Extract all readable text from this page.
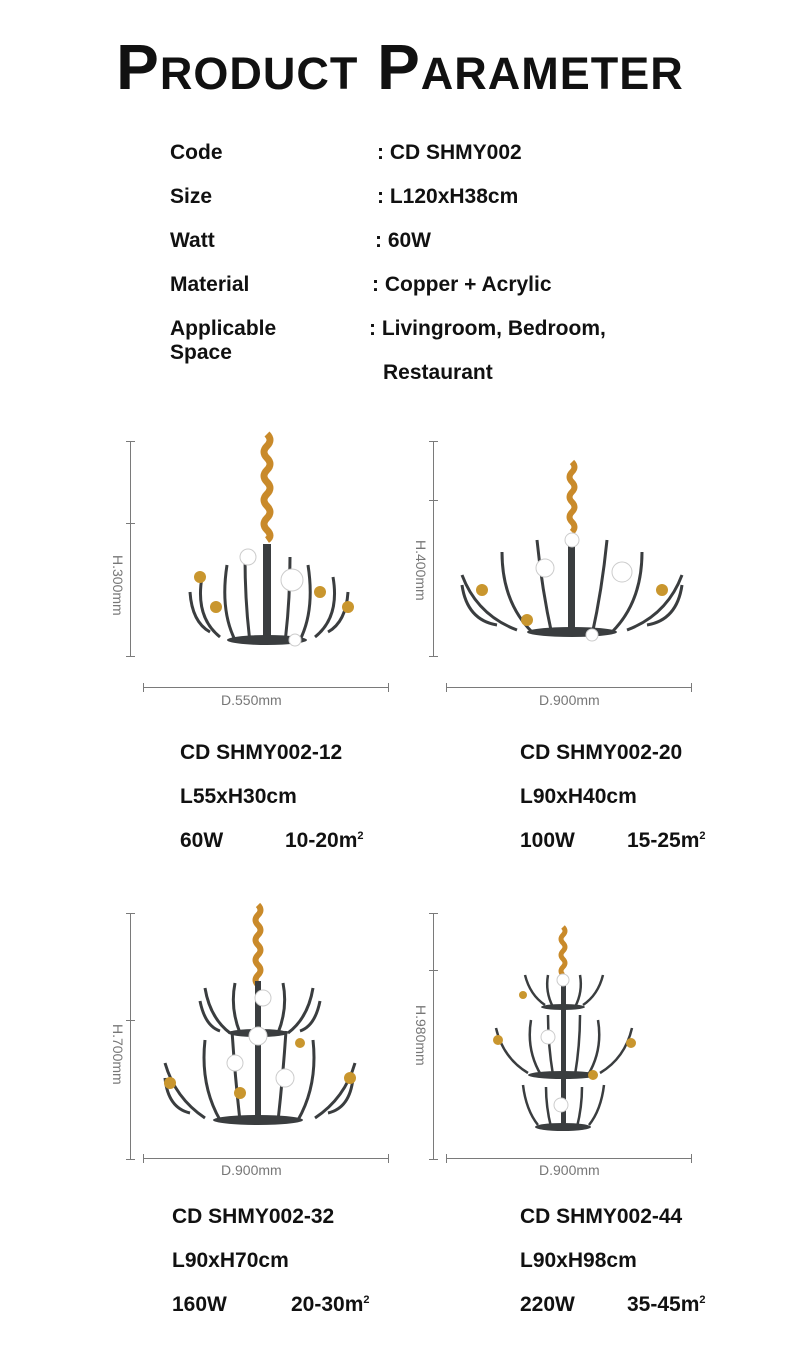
Product Parameter
Code	: CD SHMY002
Size	: L120xH38cm
Watt	: 60W
Material	: Copper + Acrylic
Applicable Space
: Livingroom, Bedroom,
Restaurant
H.300mm
D.550mm
CD SHMY002-12
L55xH30cm
60W	$10-20m^2$
H.400mm
D.900mm
CD SHMY002-20
L90xH40cm
100W $15-25m^2$
H.700mm
D.900mm
CD SHMY002-32
L90xH70cm
160W	$20-30m^2$
H.980mm
D.900mm
CD SHMY002-44
L90xH98cm
220W $35-45m^2$
